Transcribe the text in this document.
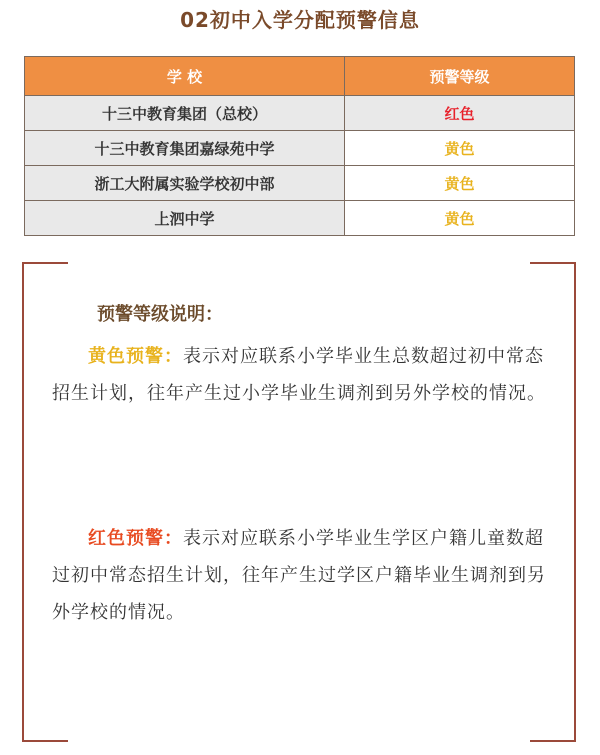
02初中入学分配预警信息
学 校	预警等级
十三中教育集团（总校）	红色
十三中教育集团嘉绿苑中学	黄色
浙工大附属实验学校初中部	黄色
上泗中学	黄色
预警等级说明：
黄色预警：表示对应联系小学毕业生总数超过初中常态招生计划，往年产生过小学毕业生调剂到另外学校的情况。
红色预警：表示对应联系小学毕业生学区户籍儿童数超过初中常态招生计划，往年产生过学区户籍毕业生调剂到另外学校的情况。
